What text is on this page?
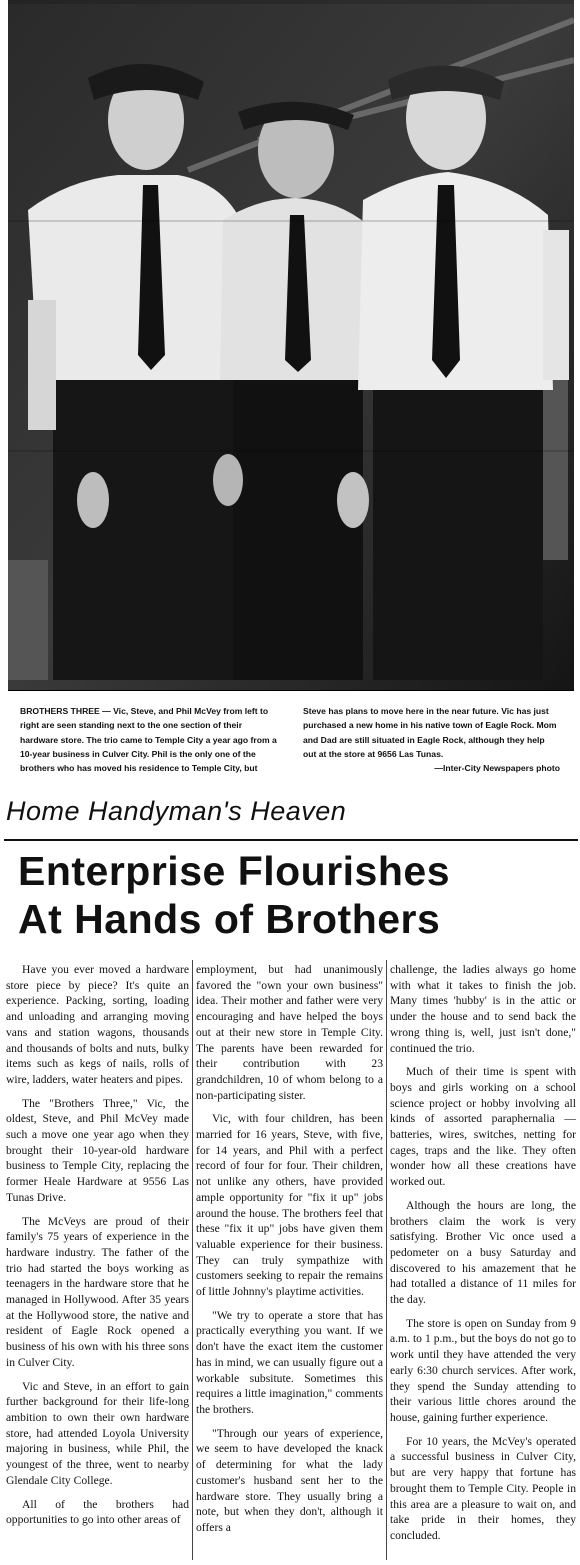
BROTHERS THREE — Vic, Steve, and Phil McVey from left to right are seen standing next to the one section of their hardware store. The trio came to Temple City a year ago from a 10-year business in Culver City. Phil is the only one of the brothers who has moved his residence to Temple City, but Steve has plans to move here in the near future. Vic has just purchased a new home in his native town of Eagle Rock. Mom and Dad are still situated in Eagle Rock, although they help out at the store at 9656 Las Tunas.
—Inter-City Newspapers photo
Home Handyman's Heaven
Enterprise Flourishes
At Hands of Brothers

Have you ever moved a hardware store piece by piece? It's quite an experience. Packing, sorting, loading and unloading and arranging moving vans and station wagons, thousands and thousands of bolts and nuts, bulky items such as kegs of nails, rolls of wire, ladders, water heaters and pipes.

The "Brothers Three," Vic, the oldest, Steve, and Phil McVey made such a move one year ago when they brought their 10-year-old hardware business to Temple City, replacing the former Heale Hardware at 9556 Las Tunas Drive.

The McVeys are proud of their family's 75 years of experience in the hardware industry. The father of the trio had started the boys working as teenagers in the hardware store that he managed in Hollywood. After 35 years at the Hollywood store, the native and resident of Eagle Rock opened a business of his own with his three sons in Culver City.

Vic and Steve, in an effort to gain further background for their life-long ambition to own their own hardware store, had attended Loyola University majoring in business, while Phil, the youngest of the three, went to nearby Glendale City College.

All of the brothers had opportunities to go into other areas of

employment, but had unanimously favored the "own your own business" idea. Their mother and father were very encouraging and have helped the boys out at their new store in Temple City. The parents have been rewarded for their contribution with 23 grandchildren, 10 of whom belong to a non-participating sister.

Vic, with four children, has been married for 16 years, Steve, with five, for 14 years, and Phil with a perfect record of four for four. Their children, not unlike any others, have provided ample opportunity for "fix it up" jobs around the house. The brothers feel that these "fix it up" jobs have given them valuable experience for their business. They can truly sympathize with customers seeking to repair the remains of little Johnny's playtime activities.

"We try to operate a store that has practically everything you want. If we don't have the exact item the customer has in mind, we can usually figure out a workable subsitute. Sometimes this requires a little imagination," comments the brothers.

"Through our years of experience, we seem to have developed the knack of determining for what the lady customer's husband sent her to the hardware store. They usually bring a note, but when they don't, although it offers a

challenge, the ladies always go home with what it takes to finish the job. Many times 'hubby' is in the attic or under the house and to send back the wrong thing is, well, just isn't done," continued the trio.

Much of their time is spent with boys and girls working on a school science project or hobby involving all kinds of assorted paraphernalia — batteries, wires, switches, netting for cages, traps and the like. They often wonder how all these creations have worked out.

Although the hours are long, the brothers claim the work is very satisfying. Brother Vic once used a pedometer on a busy Saturday and discovered to his amazement that he had totalled a distance of 11 miles for the day.

The store is open on Sunday from 9 a.m. to 1 p.m., but the boys do not go to work until they have attended the very early 6:30 church services. After work, they spend the Sunday attending to their various little chores around the house, gaining further experience.

For 10 years, the McVey's operated a successful business in Culver City, but are very happy that fortune has brought them to Temple City. People in this area are a pleasure to wait on, and take pride in their homes, they concluded.
